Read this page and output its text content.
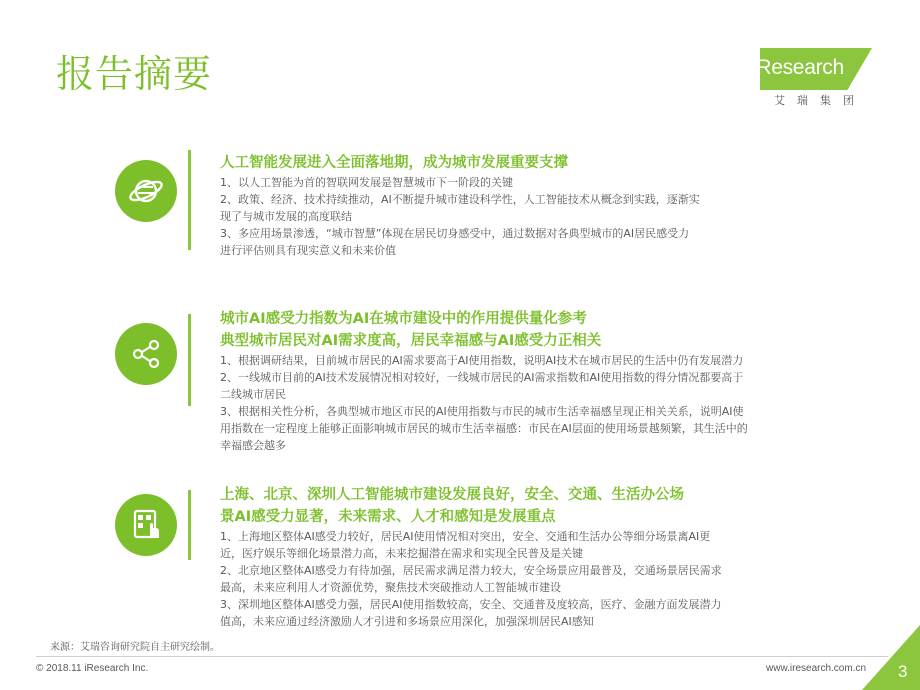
报告摘要	iResearch
艾瑞集团
人工智能发展进入全面落地期，成为城市发展重要支撑
1、以人工智能为首的智联网发展是智慧城市下一阶段的关键
2、政策、经济、技术持续推动，AI不断提升城市建设科学性，人工智能技术从概念到实践，逐渐实
现了与城市发展的高度联结
3、多应用场景渗透，“城市智慧”体现在居民切身感受中，通过数据对各典型城市的AI居民感受力
进行评估则具有现实意义和未来价值
城市AI感受力指数为AI在城市建设中的作用提供量化参考
典型城市居民对AI需求度高，居民幸福感与AI感受力正相关
1、根据调研结果，目前城市居民的AI需求要高于AI使用指数，说明AI技术在城市居民的生活中仍有发展潜力
2、一线城市目前的AI技术发展情况相对较好，一线城市居民的AI需求指数和AI使用指数的得分情况都要高于
二线城市居民
3、根据相关性分析，各典型城市地区市民的AI使用指数与市民的城市生活幸福感呈现正相关关系，说明AI使
用指数在一定程度上能够正面影响城市居民的城市生活幸福感：市民在AI层面的使用场景越频繁，其生活中的
幸福感会越多
上海、北京、深圳人工智能城市建设发展良好，安全、交通、生活办公场
景AI感受力显著，未来需求、人才和感知是发展重点
1、上海地区整体AI感受力较好，居民AI使用情况相对突出，安全、交通和生活办公等细分场景离AI更
近，医疗娱乐等细化场景潜力高，未来挖掘潜在需求和实现全民普及是关键
2、北京地区整体AI感受力有待加强，居民需求满足潜力较大，安全场景应用最普及，交通场景居民需求
最高，未来应利用人才资源优势，聚焦技术突破推动人工智能城市建设
3、深圳地区整体AI感受力强，居民AI使用指数较高，安全、交通普及度较高，医疗、金融方面发展潜力
值高，未来应通过经济激励人才引进和多场景应用深化，加强深圳居民AI感知
来源：艾瑞咨询研究院自主研究绘制。
© 2018.11 iResearch Inc.	www.iresearch.com.cn 3
